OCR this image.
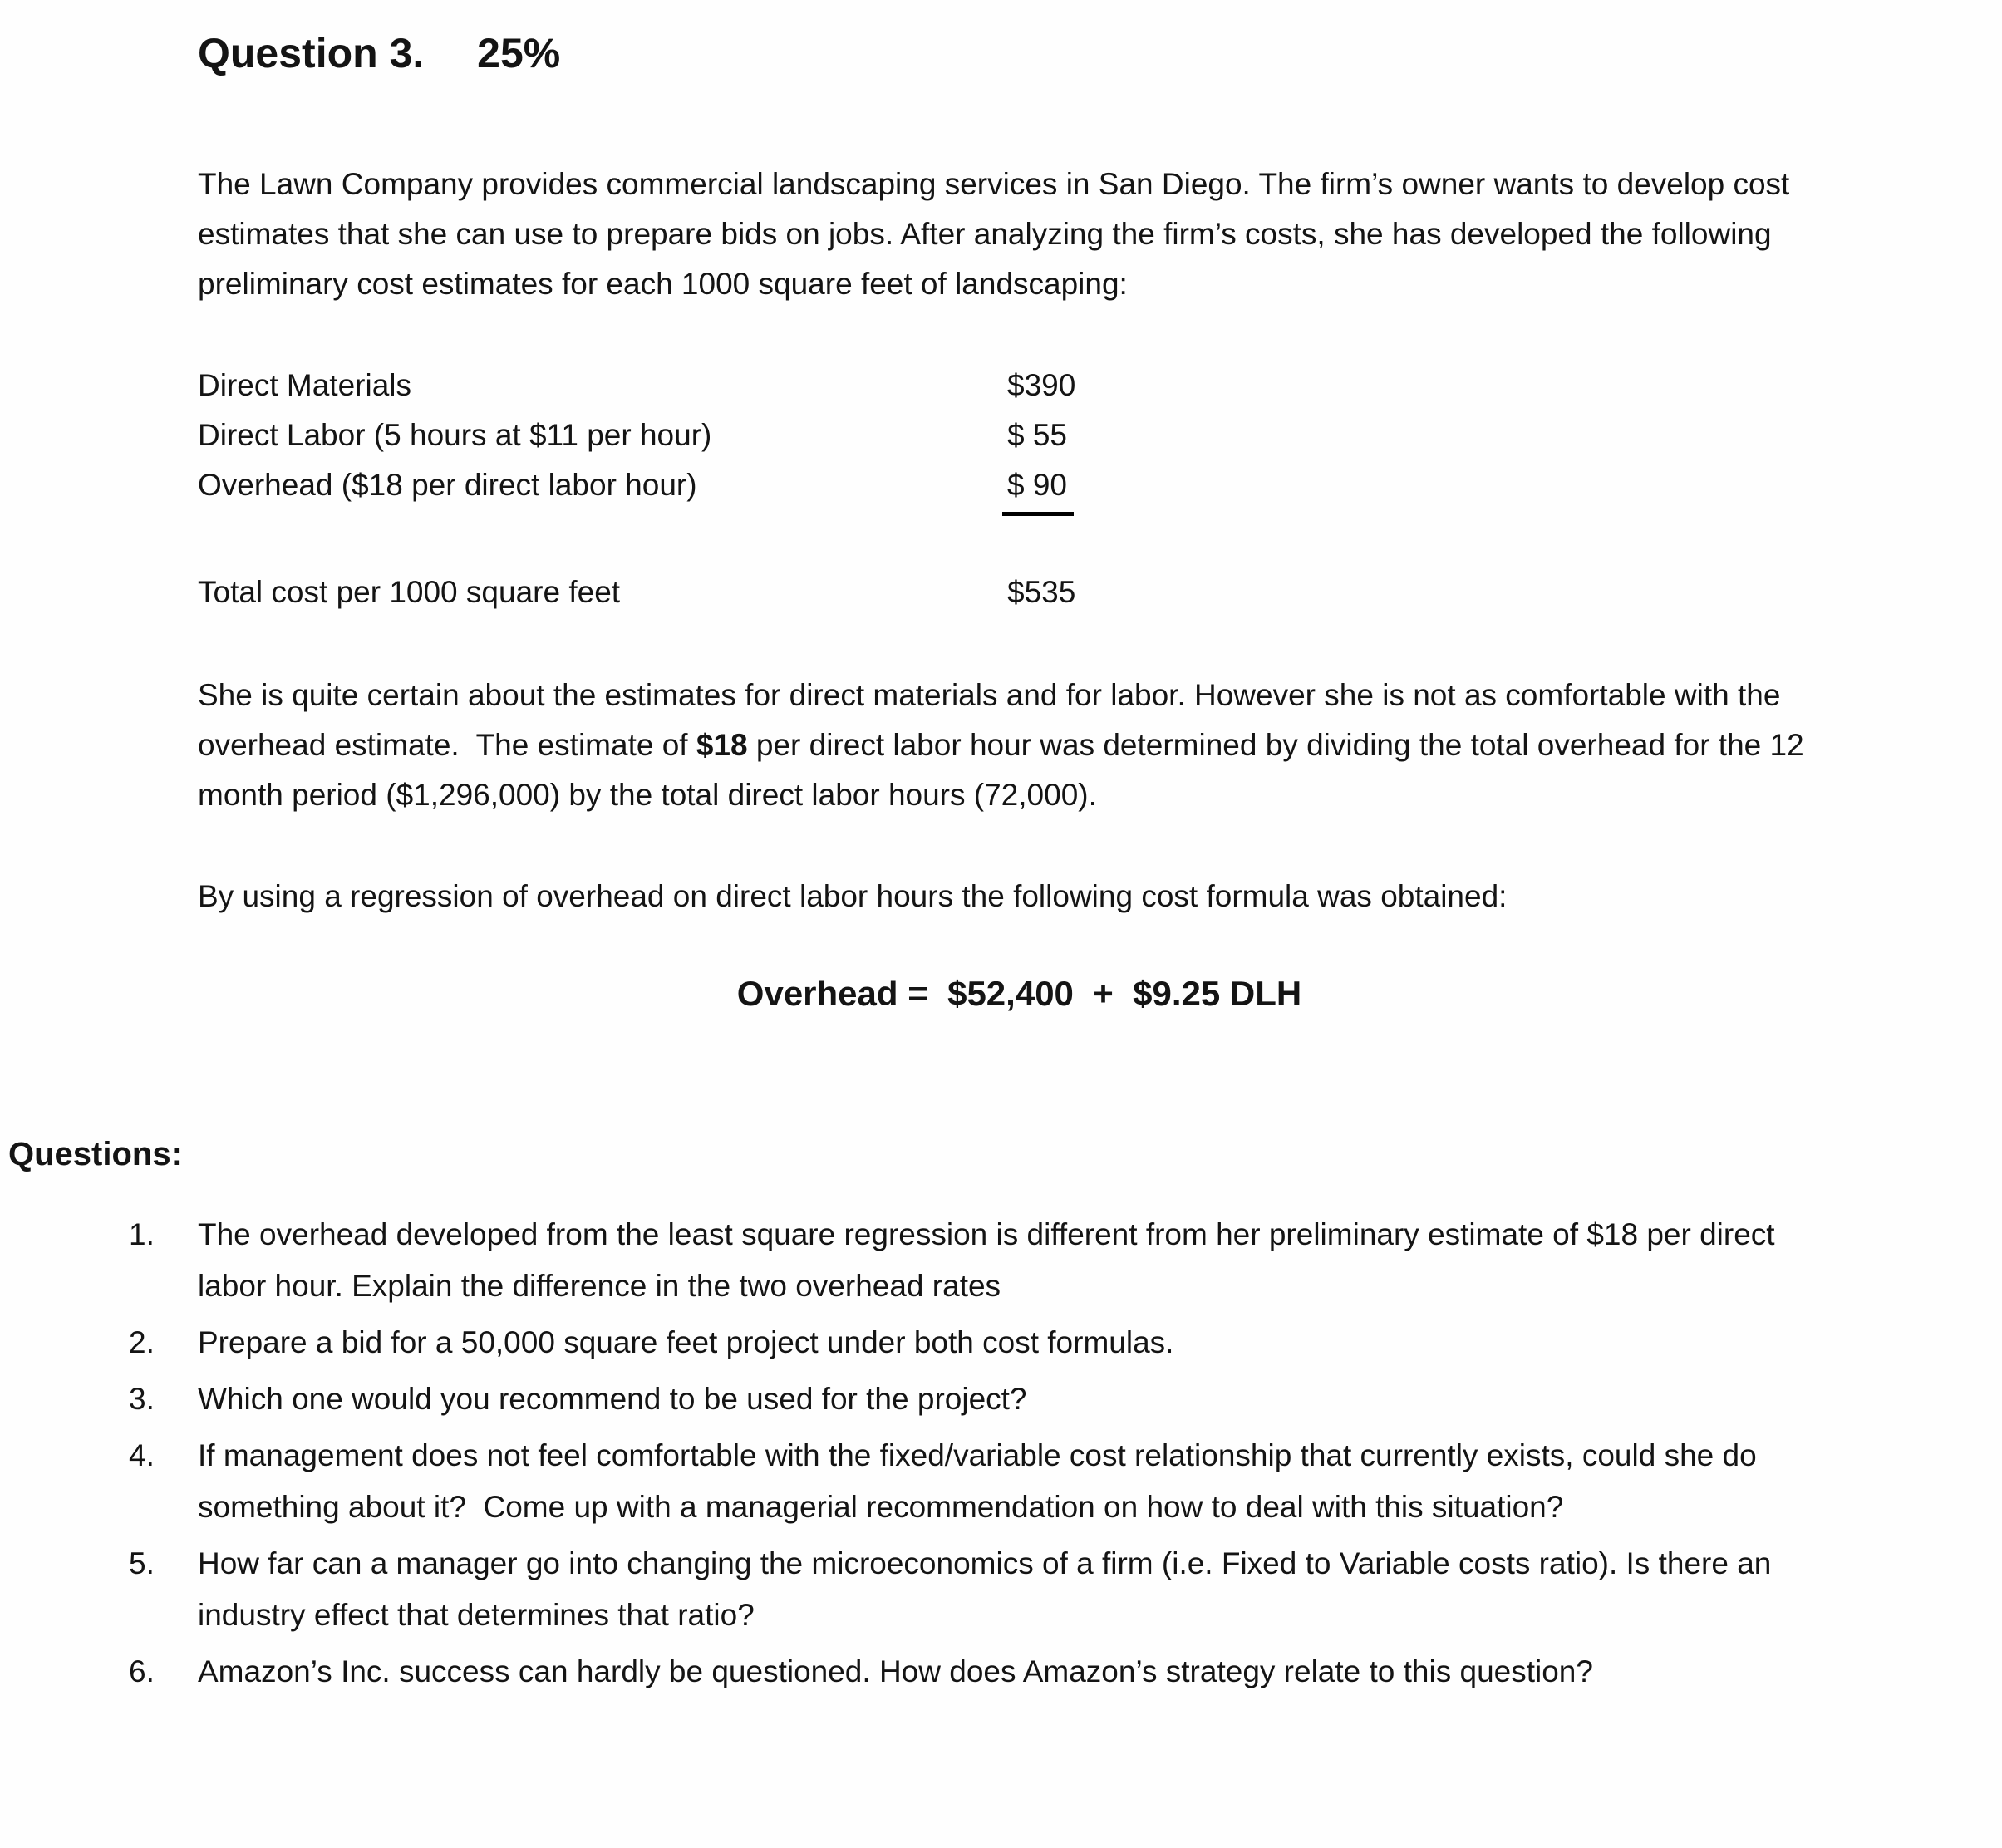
Question 3. 25%

The Lawn Company provides commercial landscaping services in San Diego. The firm’s owner wants to develop cost estimates that she can use to prepare bids on jobs. After analyzing the firm’s costs, she has developed the following preliminary cost estimates for each 1000 square feet of landscaping:

Direct Materials	$390
Direct Labor (5 hours at $11 per hour)	$ 55
Overhead ($18 per direct labor hour)	$ 90
Total cost per 1000 square feet	$535

She is quite certain about the estimates for direct materials and for labor. However she is not as comfortable with the overhead estimate.  The estimate of $18 per direct labor hour was determined by dividing the total overhead for the 12 month period ($1,296,000) by the total direct labor hours (72,000).

By using a regression of overhead on direct labor hours the following cost formula was obtained:

Overhead =  $52,400  +  $9.25 DLH
Questions:
1.	The overhead developed from the least square regression is different from her preliminary estimate of $18 per direct labor hour. Explain the difference in the two overhead rates
2.	Prepare a bid for a 50,000 square feet project under both cost formulas.
3.	Which one would you recommend to be used for the project?
4.	If management does not feel comfortable with the fixed/variable cost relationship that currently exists, could she do something about it?  Come up with a managerial recommendation on how to deal with this situation?
5.	How far can a manager go into changing the microeconomics of a firm (i.e. Fixed to Variable costs ratio). Is there an industry effect that determines that ratio?
6.	Amazon’s Inc. success can hardly be questioned. How does Amazon’s strategy relate to this question?
